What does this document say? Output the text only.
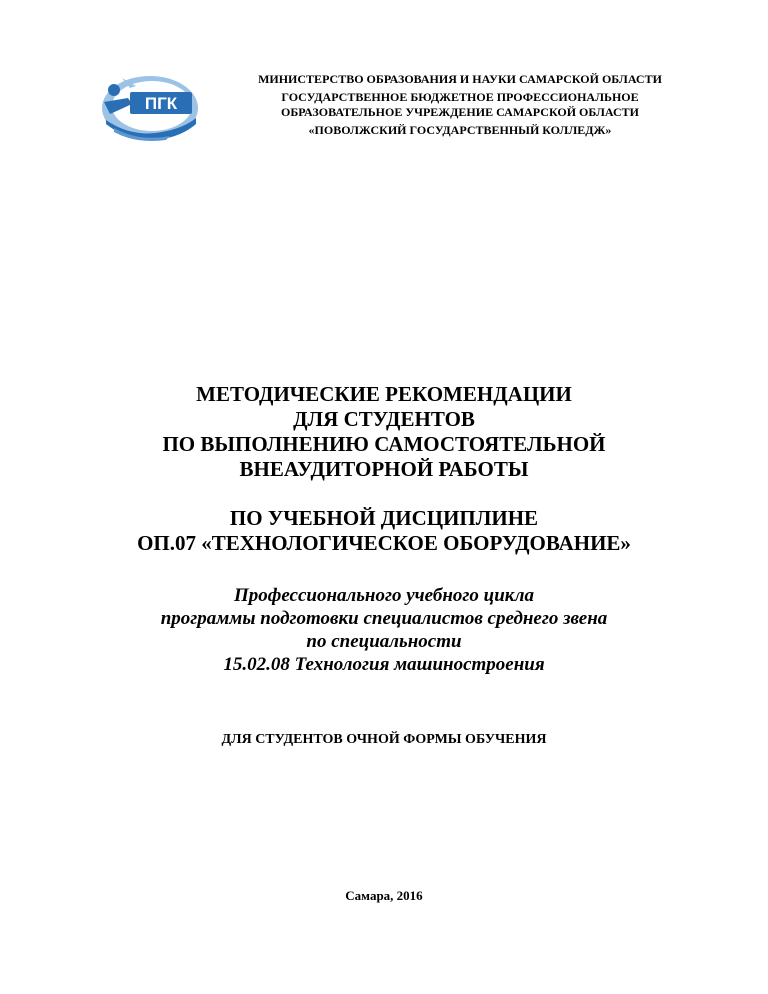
ПГК
МИНИСТЕРСТВО ОБРАЗОВАНИЯ И НАУКИ САМАРСКОЙ ОБЛАСТИ
ГОСУДАРСТВЕННОЕ БЮДЖЕТНОЕ ПРОФЕССИОНАЛЬНОЕ
ОБРАЗОВАТЕЛЬНОЕ УЧРЕЖДЕНИЕ САМАРСКОЙ ОБЛАСТИ
«ПОВОЛЖСКИЙ ГОСУДАРСТВЕННЫЙ КОЛЛЕДЖ»
МЕТОДИЧЕСКИЕ РЕКОМЕНДАЦИИ
ДЛЯ СТУДЕНТОВ
ПО ВЫПОЛНЕНИЮ САМОСТОЯТЕЛЬНОЙ
ВНЕАУДИТОРНОЙ РАБОТЫ
ПО УЧЕБНОЙ ДИСЦИПЛИНЕ
ОП.07 «ТЕХНОЛОГИЧЕСКОЕ ОБОРУДОВАНИЕ»
Профессионального учебного цикла
программы подготовки специалистов среднего звена
по специальности
15.02.08 Технология машиностроения
ДЛЯ СТУДЕНТОВ ОЧНОЙ ФОРМЫ ОБУЧЕНИЯ
Самара, 2016
